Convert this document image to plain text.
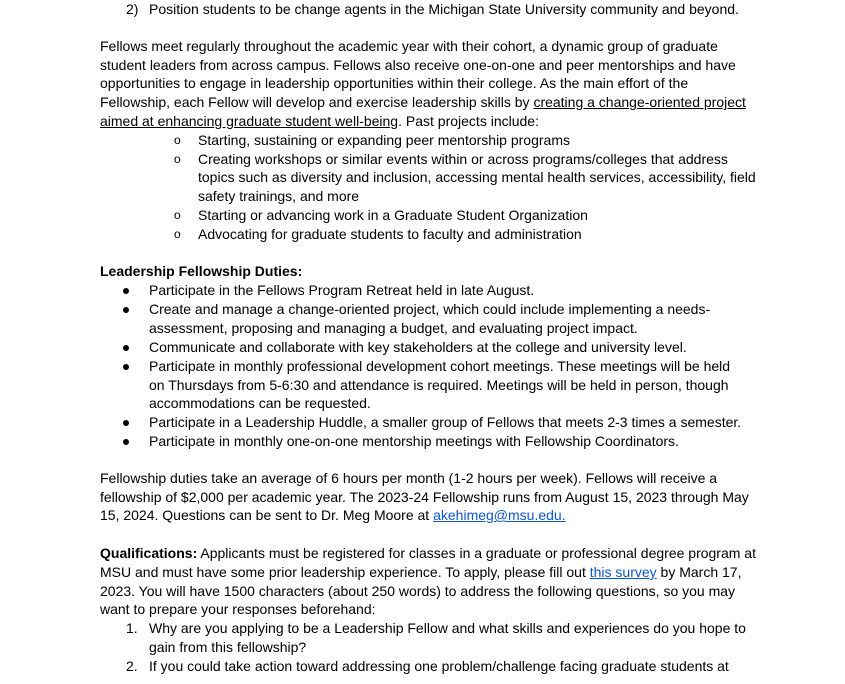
2) Position students to be change agents in the Michigan State University community and beyond.
Fellows meet regularly throughout the academic year with their cohort, a dynamic group of graduate
student leaders from across campus. Fellows also receive one-on-one and peer mentorships and have
opportunities to engage in leadership opportunities within their college. As the main effort of the
Fellowship, each Fellow will develop and exercise leadership skills by creating a change-oriented project
aimed at enhancing graduate student well-being. Past projects include:
o Starting, sustaining or expanding peer mentorship programs
o Creating workshops or similar events within or across programs/colleges that address
topics such as diversity and inclusion, accessing mental health services, accessibility, field
safety trainings, and more
o Starting or advancing work in a Graduate Student Organization
o Advocating for graduate students to faculty and administration
Leadership Fellowship Duties:
Participate in the Fellows Program Retreat held in late August.
Create and manage a change-oriented project, which could include implementing a needs-
assessment, proposing and managing a budget, and evaluating project impact.
Communicate and collaborate with key stakeholders at the college and university level.
Participate in monthly professional development cohort meetings. These meetings will be held
on Thursdays from 5-6:30 and attendance is required. Meetings will be held in person, though
accommodations can be requested.
Participate in a Leadership Huddle, a smaller group of Fellows that meets 2-3 times a semester.
Participate in monthly one-on-one mentorship meetings with Fellowship Coordinators.
Fellowship duties take an average of 6 hours per month (1-2 hours per week). Fellows will receive a
fellowship of $2,000 per academic year. The 2023-24 Fellowship runs from August 15, 2023 through May
15, 2024. Questions can be sent to Dr. Meg Moore at akehimeg@msu.edu.
Qualifications: Applicants must be registered for classes in a graduate or professional degree program at
MSU and must have some prior leadership experience. To apply, please fill out this survey by March 17,
2023. You will have 1500 characters (about 250 words) to address the following questions, so you may
want to prepare your responses beforehand:
1. Why are you applying to be a Leadership Fellow and what skills and experiences do you hope to
gain from this fellowship?
2. If you could take action toward addressing one problem/challenge facing graduate students at
